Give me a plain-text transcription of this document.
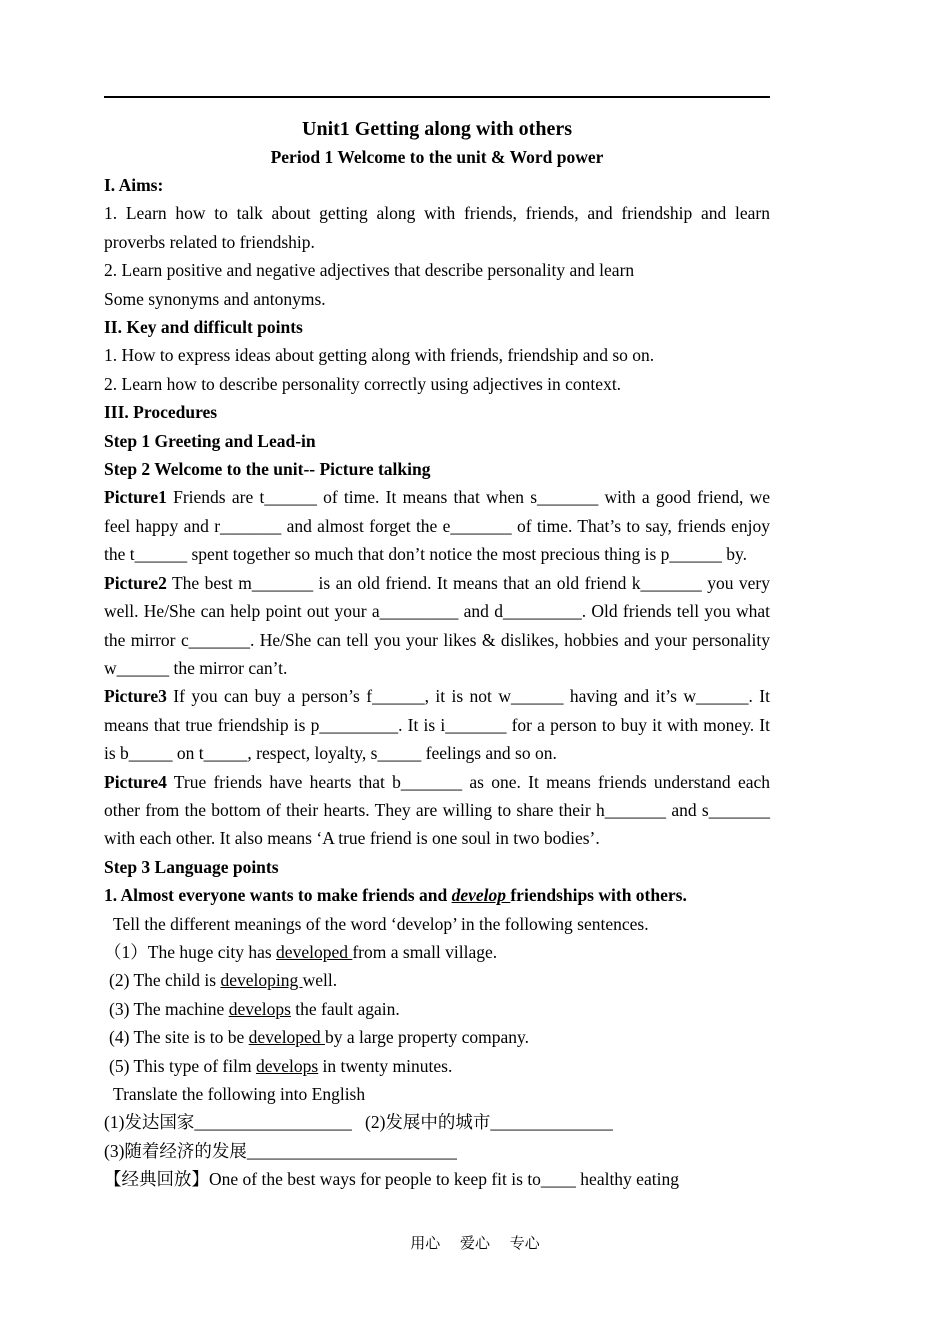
Unit1 Getting along with others
Period 1 Welcome to the unit & Word power

I. Aims:

1. Learn how to talk about getting along with friends, friends, and friendship and learn proverbs related to friendship.

2. Learn positive and negative adjectives that describe personality and learn

Some synonyms and antonyms.

II. Key and difficult points

1. How to express ideas about getting along with friends, friendship and so on.

2. Learn how to describe personality correctly using adjectives in context.

III. Procedures

Step 1 Greeting and Lead-in

Step 2 Welcome to the unit-- Picture talking

Picture1 Friends are t______ of time. It means that when s_______ with a good friend, we feel happy and r_______ and almost forget the e_______ of time. That’s to say, friends enjoy the t______ spent together so much that don’t notice the most precious thing is p______ by.

Picture2 The best m_______ is an old friend. It means that an old friend k_______ you very well. He/She can help point out your a_________ and d_________. Old friends tell you what the mirror c_______. He/She can tell you your likes & dislikes, hobbies and your personality w______ the mirror can’t.

Picture3 If you can buy a person’s f______, it is not w______ having and it’s w______. It means that true friendship is p_________. It is i_______ for a person to buy it with money. It is b_____ on t_____, respect, loyalty, s_____ feelings and so on.

Picture4 True friends have hearts that b_______ as one. It means friends understand each other from the bottom of their hearts. They are willing to share their h_______ and s_______ with each other. It also means ‘A true friend is one soul in two bodies’.

Step 3 Language points

1. Almost everyone wants to make friends and develop friendships with others.

Tell the different meanings of the word ‘develop’ in the following sentences.

（1）The huge city has developed from a small village.

(2) The child is developing well.

(3) The machine develops the fault again.

(4) The site is to be developed by a large property company.

(5) This type of film develops in twenty minutes.

Translate the following into English

(1)发达国家__________________   (2)发展中的城市______________

(3)随着经济的发展________________________

【经典回放】One of the best ways for people to keep fit is to____ healthy eating

用心 爱心 专心
